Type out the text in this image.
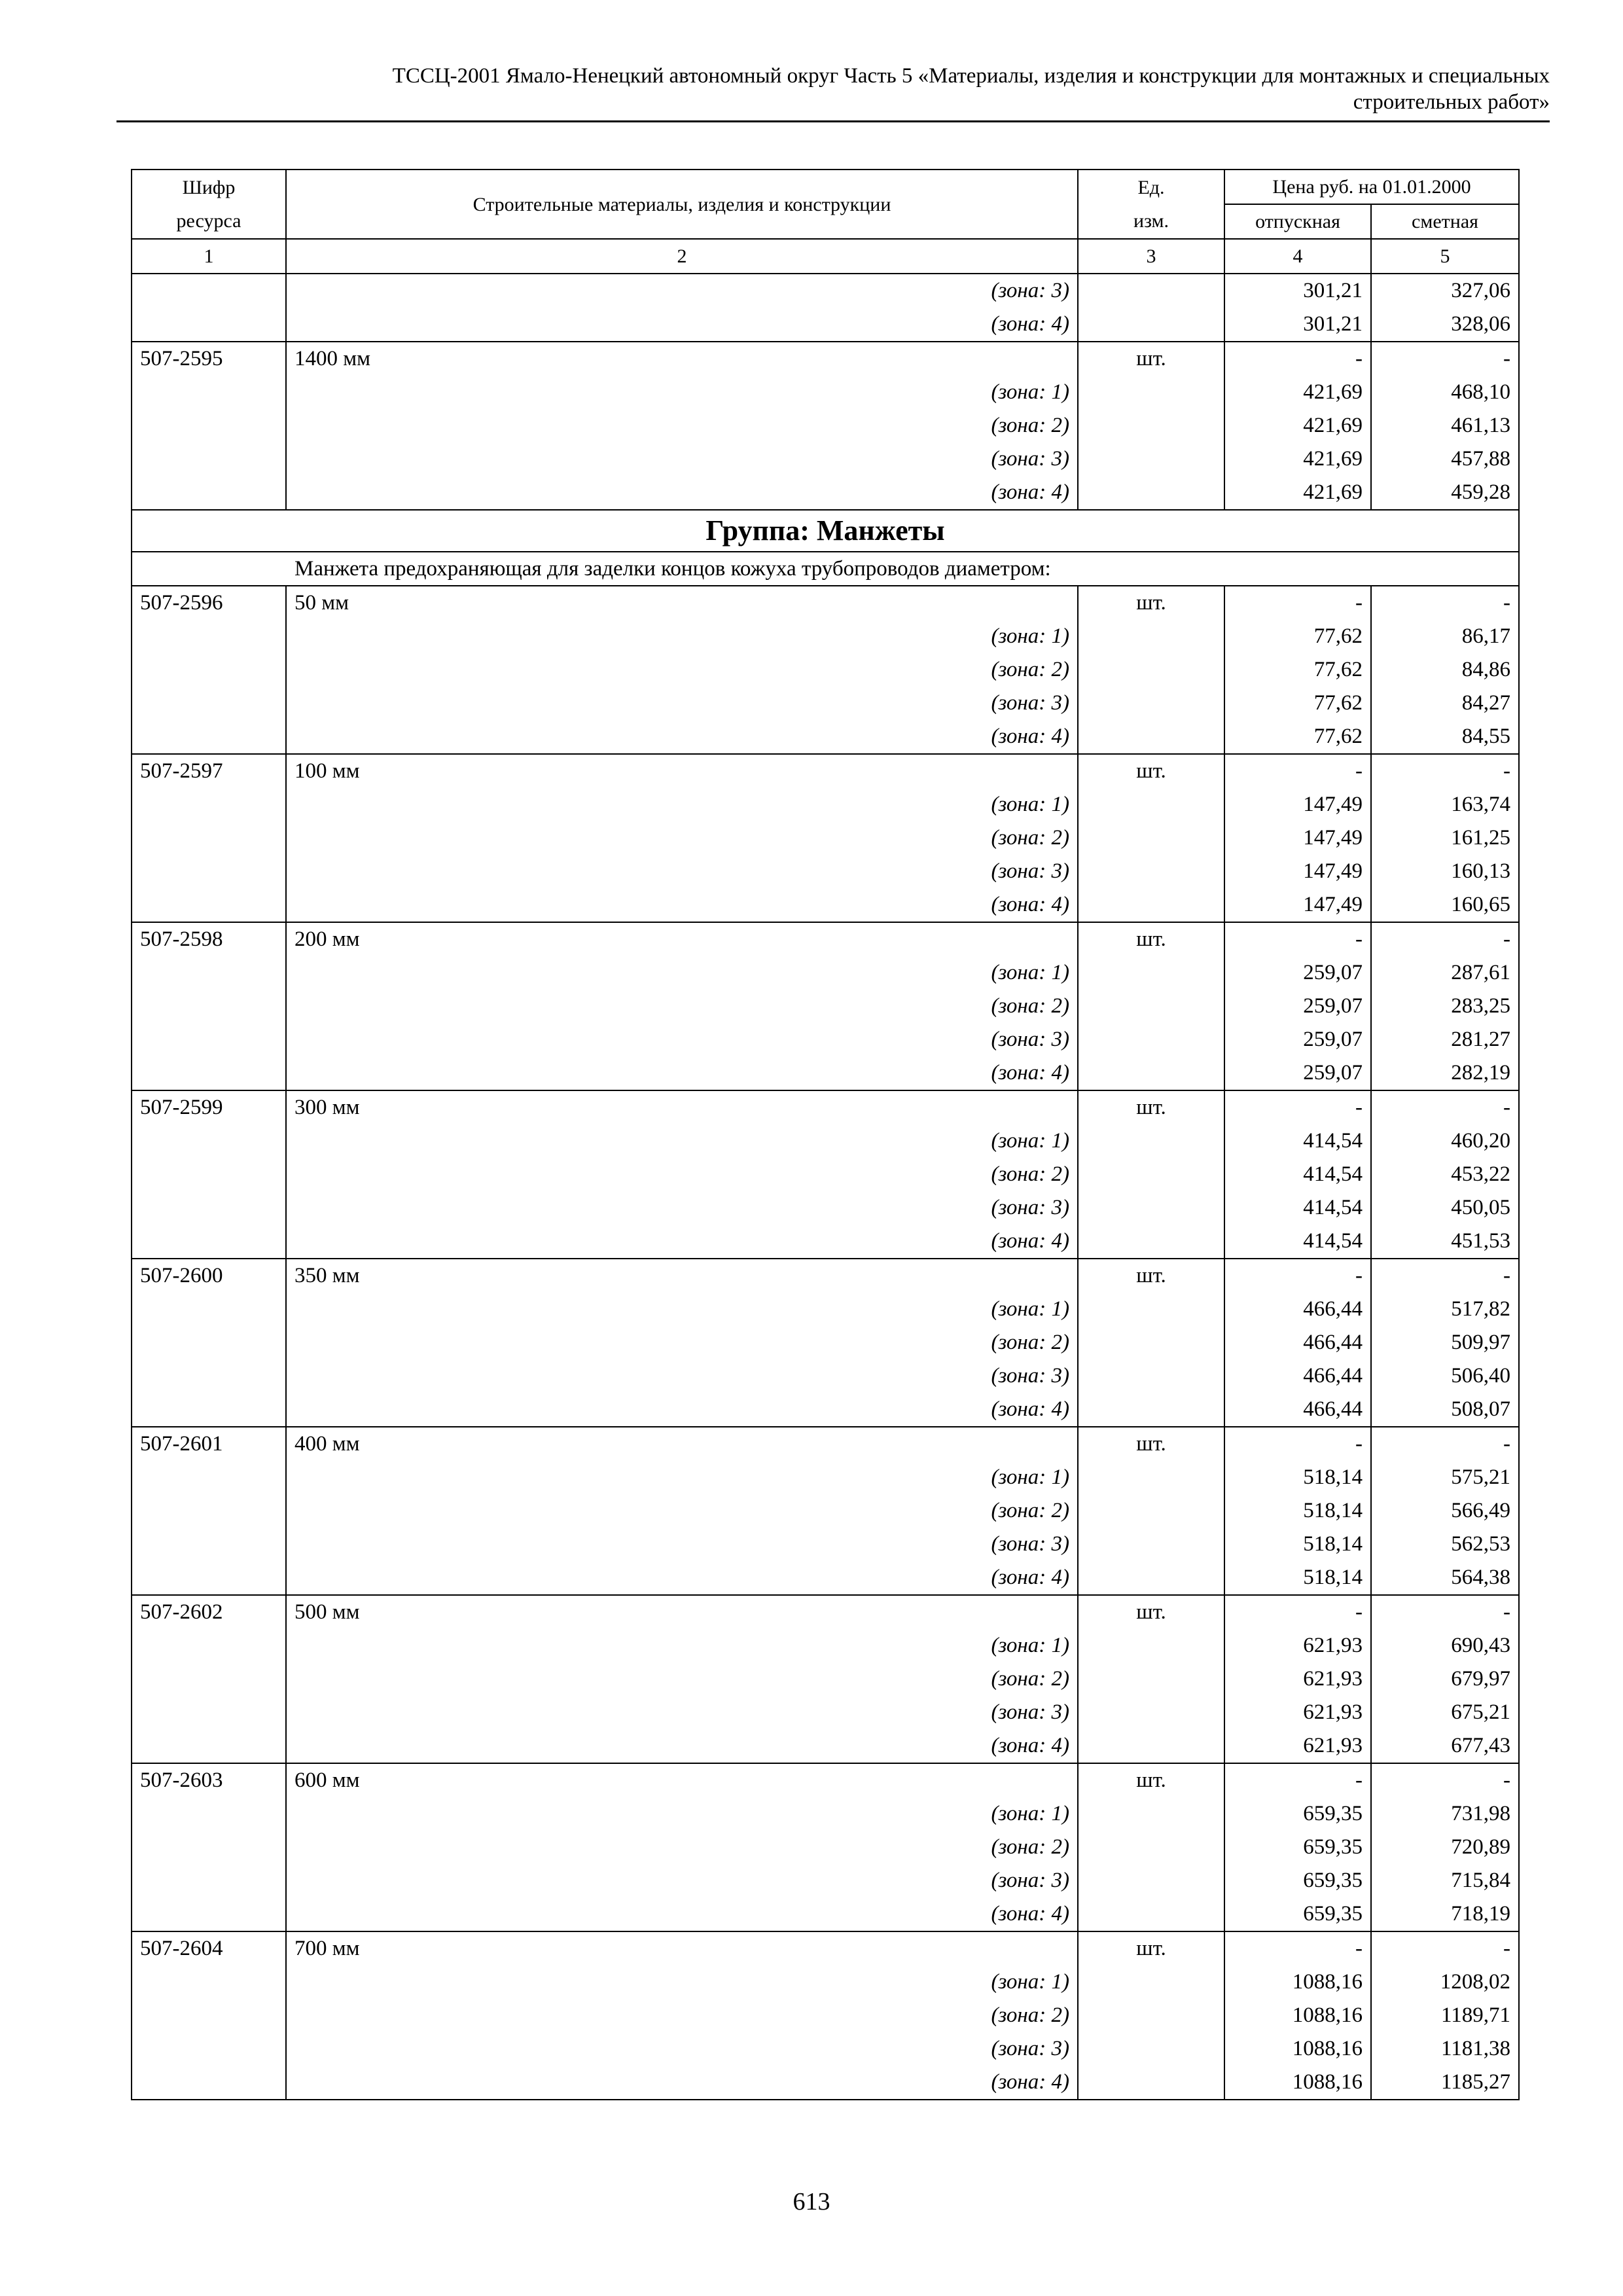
ТССЦ-2001 Ямало-Ненецкий автономный округ Часть 5 «Материалы, изделия и конструкции для монтажных и специальных
строительных работ»
Шифр ресурса	Строительные материалы, изделия и конструкции	Ед. изм.	Цена руб. на 01.01.2000	
			отпускная	сметная
1	2	3	4	5
	(зона: 3)		301,21	327,06
	(зона: 4)		301,21	328,06
507-2595	1400 мм	шт.	-	-
	(зона: 1)		421,69	468,10
	(зона: 2)		421,69	461,13
	(зона: 3)		421,69	457,88
	(зона: 4)		421,69	459,28
Группа: Манжеты				
Манжета предохраняющая для заделки концов кожуха трубопроводов диаметром:				
507-2596	50 мм	шт.	-	-
	(зона: 1)		77,62	86,17
	(зона: 2)		77,62	84,86
	(зона: 3)		77,62	84,27
	(зона: 4)		77,62	84,55
507-2597	100 мм	шт.	-	-
	(зона: 1)		147,49	163,74
	(зона: 2)		147,49	161,25
	(зона: 3)		147,49	160,13
	(зона: 4)		147,49	160,65
507-2598	200 мм	шт.	-	-
	(зона: 1)		259,07	287,61
	(зона: 2)		259,07	283,25
	(зона: 3)		259,07	281,27
	(зона: 4)		259,07	282,19
507-2599	300 мм	шт.	-	-
	(зона: 1)		414,54	460,20
	(зона: 2)		414,54	453,22
	(зона: 3)		414,54	450,05
	(зона: 4)		414,54	451,53
507-2600	350 мм	шт.	-	-
	(зона: 1)		466,44	517,82
	(зона: 2)		466,44	509,97
	(зона: 3)		466,44	506,40
	(зона: 4)		466,44	508,07
507-2601	400 мм	шт.	-	-
	(зона: 1)		518,14	575,21
	(зона: 2)		518,14	566,49
	(зона: 3)		518,14	562,53
	(зона: 4)		518,14	564,38
507-2602	500 мм	шт.	-	-
	(зона: 1)		621,93	690,43
	(зона: 2)		621,93	679,97
	(зона: 3)		621,93	675,21
	(зона: 4)		621,93	677,43
507-2603	600 мм	шт.	-	-
	(зона: 1)		659,35	731,98
	(зона: 2)		659,35	720,89
	(зона: 3)		659,35	715,84
	(зона: 4)		659,35	718,19
507-2604	700 мм	шт.	-	-
	(зона: 1)		1088,16	1208,02
	(зона: 2)		1088,16	1189,71
	(зона: 3)		1088,16	1181,38
	(зона: 4)		1088,16	1185,27
613
